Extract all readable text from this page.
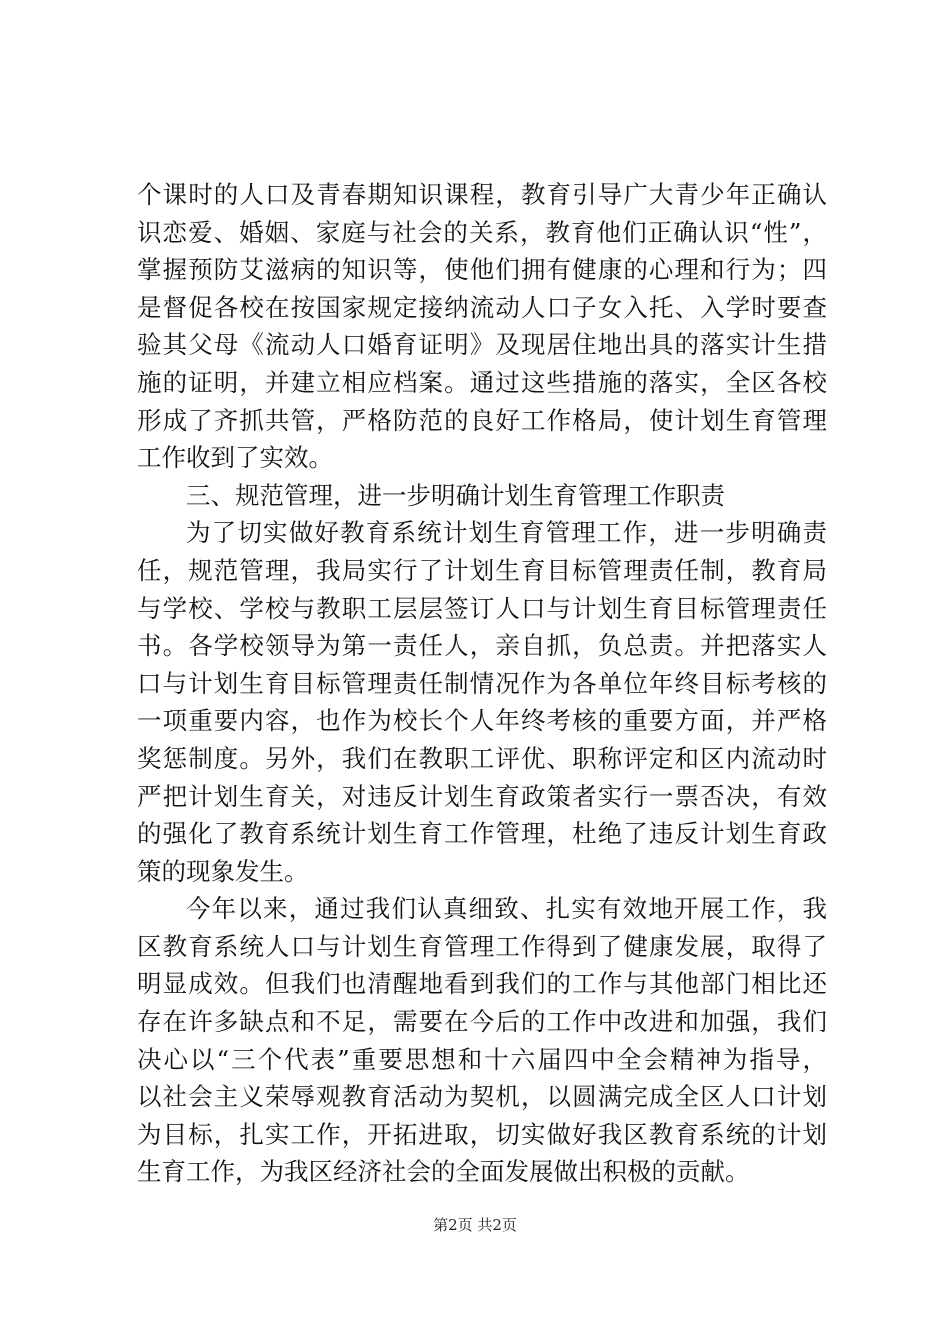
个课时的人口及青春期知识课程，教育引导广大青少年正确认
识恋爱、婚姻、家庭与社会的关系，教育他们正确认识“性”，
掌握预防艾滋病的知识等，使他们拥有健康的心理和行为；四
是督促各校在按国家规定接纳流动人口子女入托、入学时要查
验其父母《流动人口婚育证明》及现居住地出具的落实计生措
施的证明，并建立相应档案。通过这些措施的落实，全区各校
形成了齐抓共管，严格防范的良好工作格局，使计划生育管理
工作收到了实效。
三、规范管理，进一步明确计划生育管理工作职责
为了切实做好教育系统计划生育管理工作，进一步明确责
任，规范管理，我局实行了计划生育目标管理责任制，教育局
与学校、学校与教职工层层签订人口与计划生育目标管理责任
书。各学校领导为第一责任人，亲自抓，负总责。并把落实人
口与计划生育目标管理责任制情况作为各单位年终目标考核的
一项重要内容，也作为校长个人年终考核的重要方面，并严格
奖惩制度。另外，我们在教职工评优、职称评定和区内流动时
严把计划生育关，对违反计划生育政策者实行一票否决，有效
的强化了教育系统计划生育工作管理，杜绝了违反计划生育政
策的现象发生。
今年以来，通过我们认真细致、扎实有效地开展工作，我
区教育系统人口与计划生育管理工作得到了健康发展，取得了
明显成效。但我们也清醒地看到我们的工作与其他部门相比还
存在许多缺点和不足，需要在今后的工作中改进和加强，我们
决心以“三个代表”重要思想和十六届四中全会精神为指导，
以社会主义荣辱观教育活动为契机，以圆满完成全区人口计划
为目标，扎实工作，开拓进取，切实做好我区教育系统的计划
生育工作，为我区经济社会的全面发展做出积极的贡献。
第2页 共2页
